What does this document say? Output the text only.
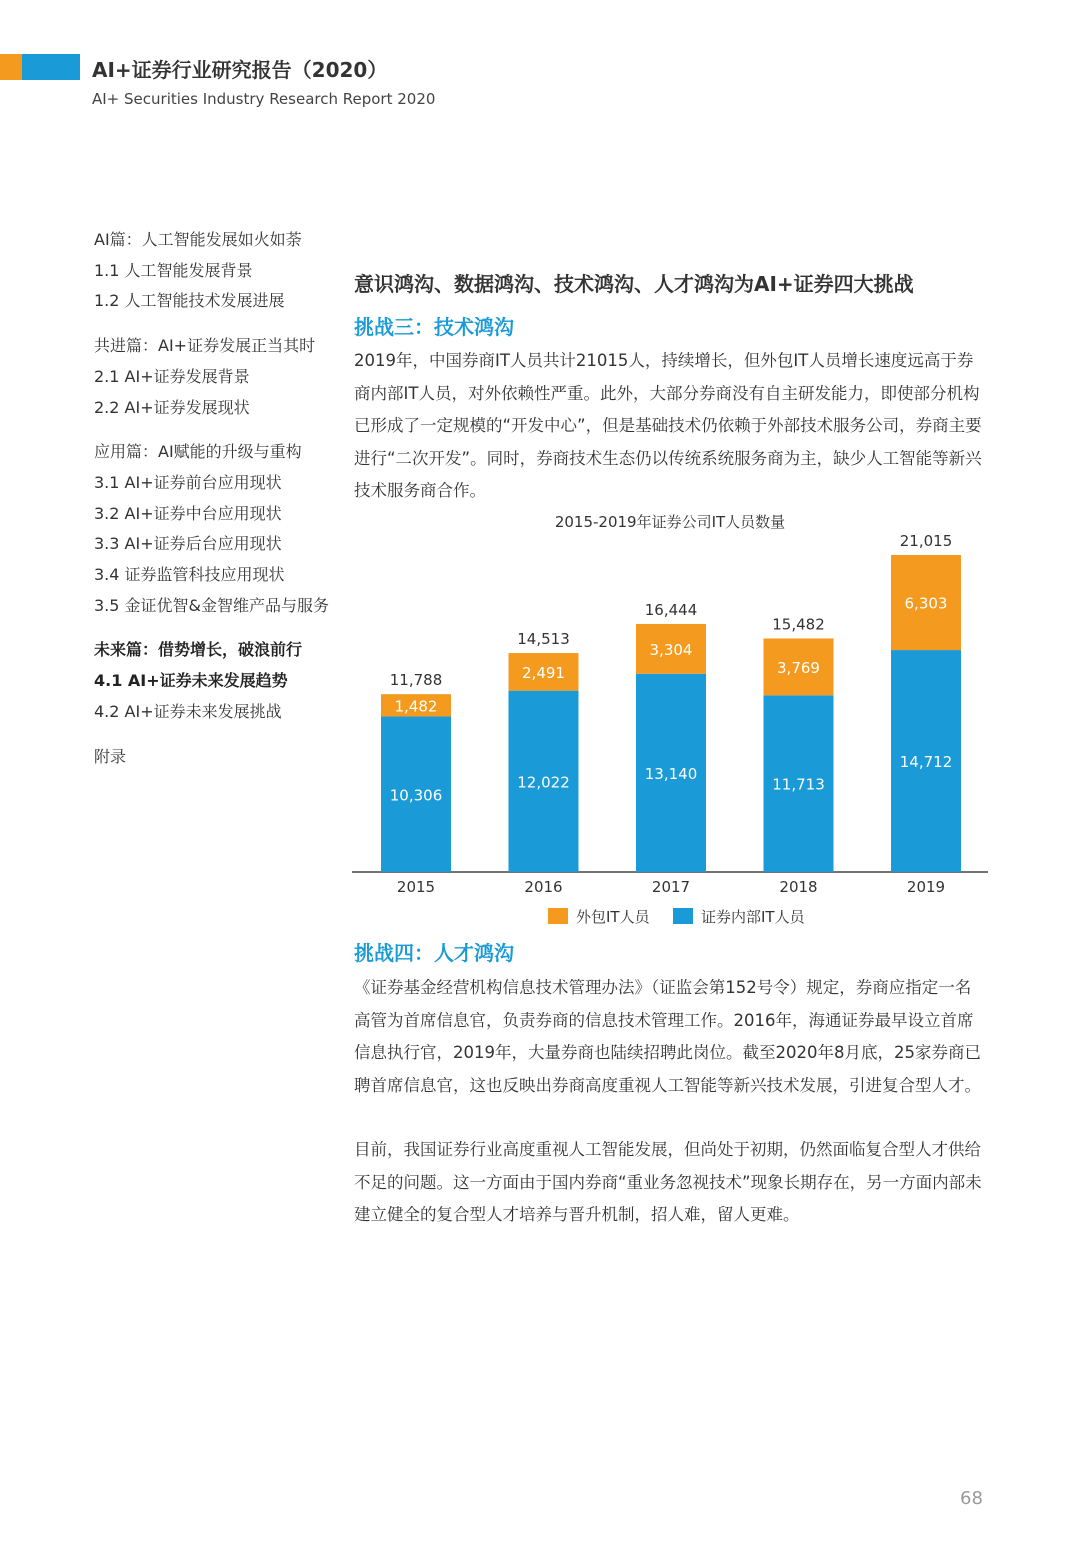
AI+证券行业研究报告（2020）
AI+ Securities Industry Research Report 2020
AI篇：人工智能发展如火如荼
1.1 人工智能发展背景
1.2 人工智能技术发展进展
共进篇：AI+证券发展正当其时
2.1 AI+证券发展背景
2.2 AI+证券发展现状
应用篇：AI赋能的升级与重构
3.1 AI+证券前台应用现状
3.2 AI+证券中台应用现状
3.3 AI+证券后台应用现状
3.4 证券监管科技应用现状
3.5 金证优智&金智维产品与服务
未来篇：借势增长，破浪前行
4.1 AI+证券未来发展趋势
4.2 AI+证券未来发展挑战
附录
意识鸿沟、数据鸿沟、技术鸿沟、人才鸿沟为AI+证券四大挑战
挑战三：技术鸿沟
2019年，中国券商IT人员共计21015人，持续增长，但外包IT人员增长速度远高于券商内部IT人员，对外依赖性严重。此外，大部分券商没有自主研发能力，即使部分机构已形成了一定规模的“开发中心”，但是基础技术仍依赖于外部技术服务公司，券商主要进行“二次开发”。同时，券商技术生态仍以传统系统服务商为主，缺少人工智能等新兴技术服务商合作。
2015-2019年证券公司IT人员数量
10,306
1,482
11,788
2015
12,022
2,491
14,513
2016
13,140
3,304
16,444
2017
11,713
3,769
15,482
2018
14,712
6,303
21,015
2019
外包IT人员	证券内部IT人员
挑战四：人才鸿沟
《证券基金经营机构信息技术管理办法》（证监会第152号令）规定，券商应指定一名高管为首席信息官，负责券商的信息技术管理工作。2016年，海通证券最早设立首席信息执行官，2019年，大量券商也陆续招聘此岗位。截至2020年8月底，25家券商已聘首席信息官，这也反映出券商高度重视人工智能等新兴技术发展，引进复合型人才。
目前，我国证券行业高度重视人工智能发展，但尚处于初期，仍然面临复合型人才供给不足的问题。这一方面由于国内券商“重业务忽视技术”现象长期存在，另一方面内部未建立健全的复合型人才培养与晋升机制，招人难，留人更难。
68
